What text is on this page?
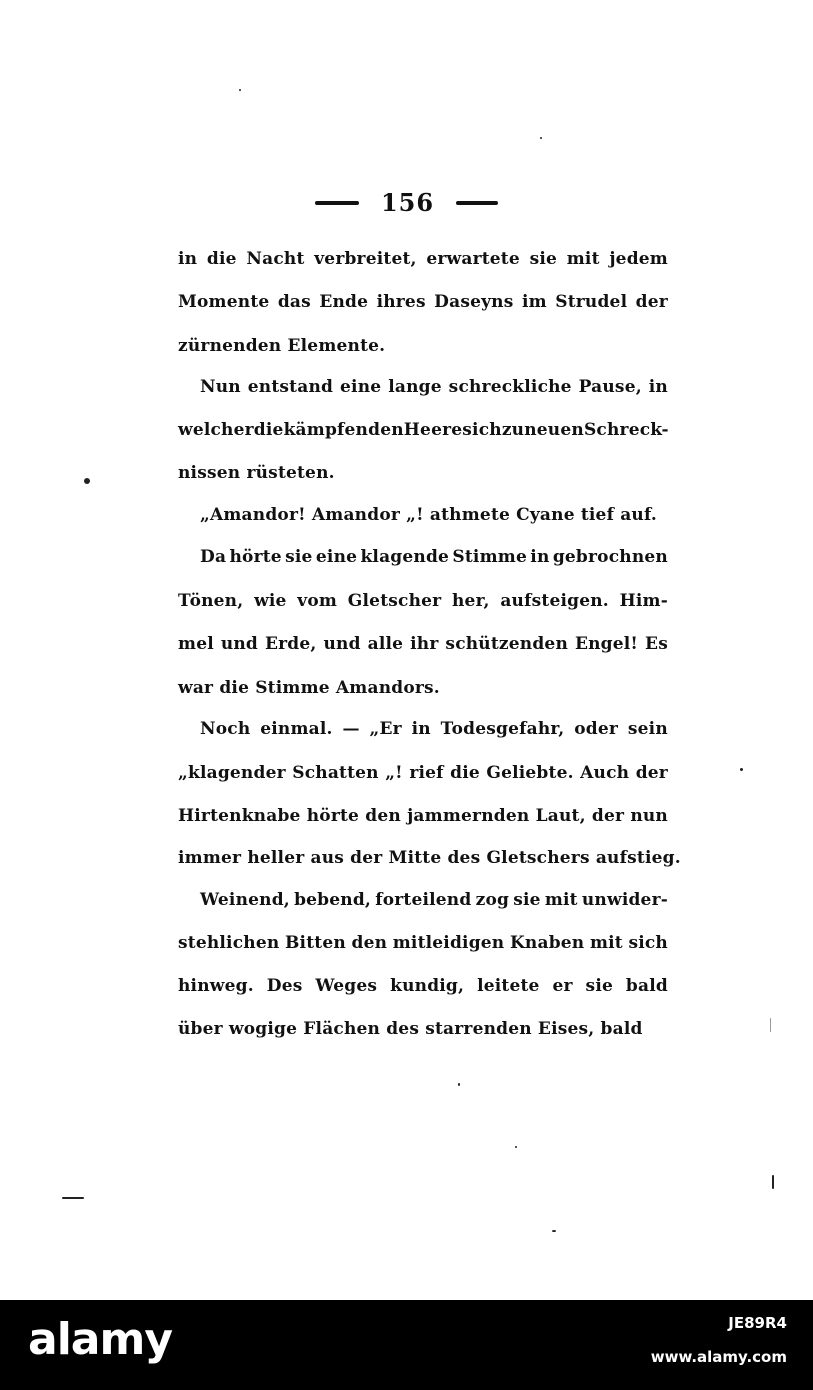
156
in die Nacht verbreitet, erwartete sie mit jedem
Momente das Ende ihres Daseyns im Strudel der
zürnenden Elemente.
Nun entstand eine lange schreckliche Pause, in
welcher die kämpfenden Heere sich zu neuen Schreck-
nissen rüsteten.
„Amandor! Amandor „! athmete Cyane tief auf.
Da hörte sie eine klagende Stimme in gebrochnen
Tönen, wie vom Gletscher her, aufsteigen. Him-
mel und Erde, und alle ihr schützenden Engel! Es
war die Stimme Amandors.
Noch einmal. — „Er in Todesgefahr, oder sein
„klagender Schatten „! rief die Geliebte. Auch der
Hirtenknabe hörte den jammernden Laut, der nun
immer heller aus der Mitte des Gletschers aufstieg.
Weinend, bebend, forteilend zog sie mit unwider-
stehlichen Bitten den mitleidigen Knaben mit sich
hinweg. Des Weges kundig, leitete er sie bald
über wogige Flächen des starrenden Eises, bald
alamy	JE89R4
www.alamy.com
